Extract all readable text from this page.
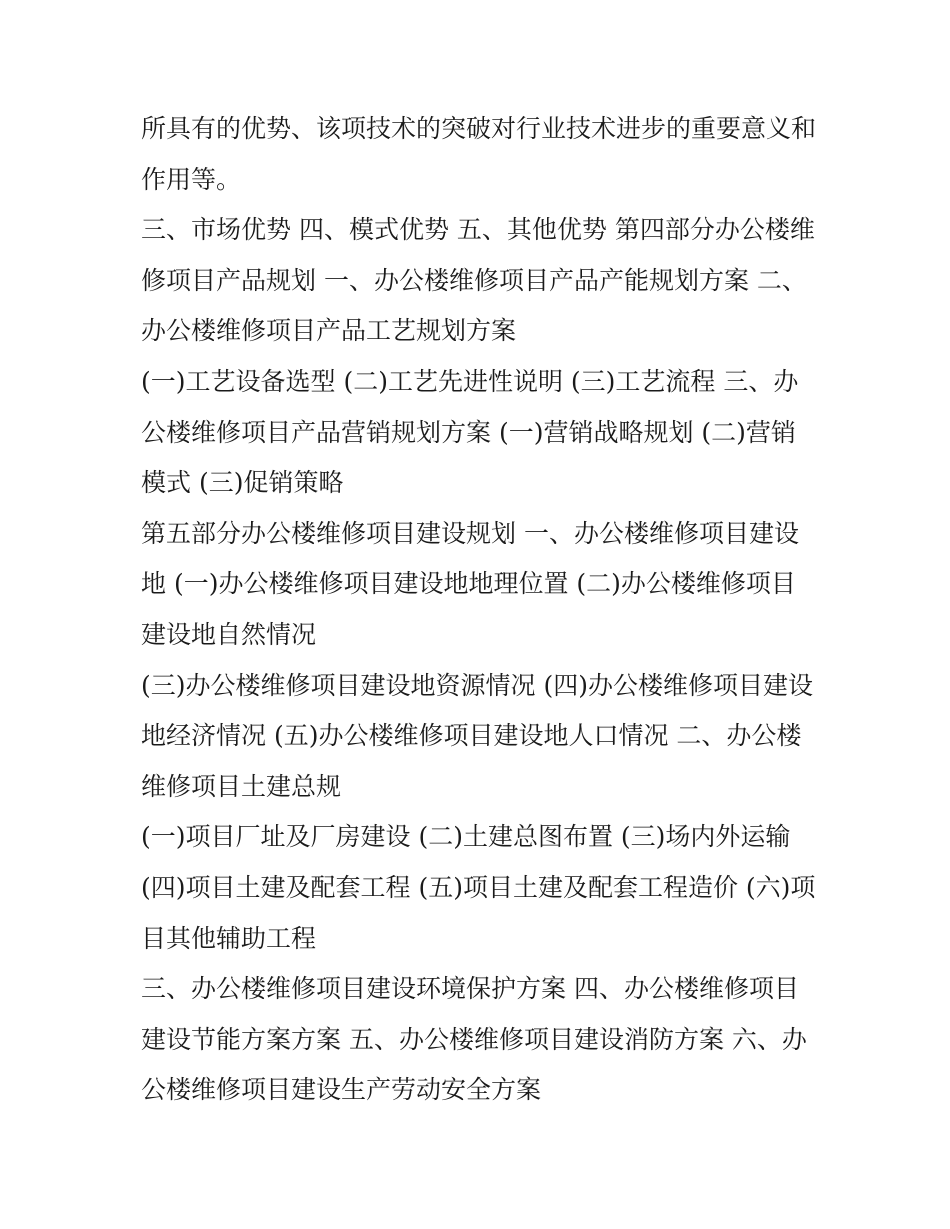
所具有的优势、该项技术的突破对行业技术进步的重要意义和
作用等。
三、市场优势 四、模式优势 五、其他优势 第四部分办公楼维
修项目产品规划 一、办公楼维修项目产品产能规划方案 二、
办公楼维修项目产品工艺规划方案
(一)工艺设备选型 (二)工艺先进性说明 (三)工艺流程 三、办
公楼维修项目产品营销规划方案 (一)营销战略规划 (二)营销
模式 (三)促销策略
第五部分办公楼维修项目建设规划 一、办公楼维修项目建设
地 (一)办公楼维修项目建设地地理位置 (二)办公楼维修项目
建设地自然情况
(三)办公楼维修项目建设地资源情况 (四)办公楼维修项目建设
地经济情况 (五)办公楼维修项目建设地人口情况 二、办公楼
维修项目土建总规
(一)项目厂址及厂房建设 (二)土建总图布置 (三)场内外运输
(四)项目土建及配套工程 (五)项目土建及配套工程造价 (六)项
目其他辅助工程
三、办公楼维修项目建设环境保护方案 四、办公楼维修项目
建设节能方案方案 五、办公楼维修项目建设消防方案 六、办
公楼维修项目建设生产劳动安全方案
